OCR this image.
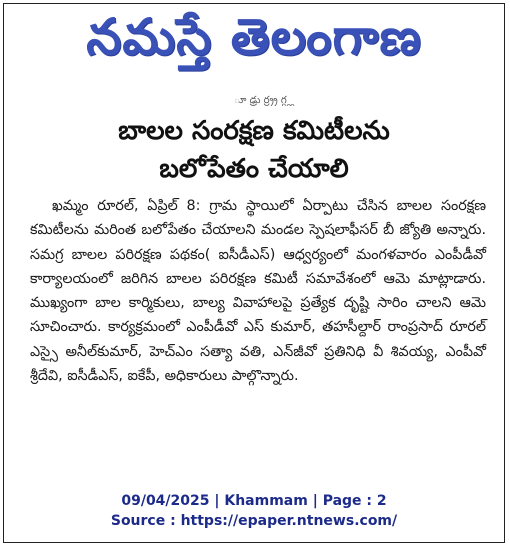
నమస్తే తెలంగాణ
ూ ఢ్రు ర్ర్ర్ర గ్గ్గ్గ
బాలల సంరక్షణ కమిటీలను
బలోపేతం చేయాలి

ఖమ్మం రూరల్, ఏప్రిల్ 8: గ్రామ స్థాయిలో ఏర్పాటు చేసిన బాలల సంరక్షణ కమిటీలను మరింత బలోపేతం చేయాలని మండల స్పెషలాఫీసర్ బీ జ్యోతి అన్నారు. సమగ్ర బాలల పరిరక్షణ పథకం( ఐసీడీఎస్) ఆధ్వర్యంలో మంగళవారం ఎంపీడీవో కార్యాలయంలో జరిగిన బాలల పరిరక్షణ కమిటీ సమావేశంలో ఆమె మాట్లాడారు. ముఖ్యంగా బాల కార్మికులు, బాల్య వివాహాలపై ప్రత్యేక దృష్టి సారిం చాలని ఆమె సూచించారు. కార్యక్రమంలో ఎంపీడీవో ఎస్ కుమార్, తహసీల్దార్ రాంప్రసాద్ రూరల్ ఎస్సై అనీల్‌కుమార్, హెచ్‌ఎం సత్యా వతి, ఎన్‌జీవో ప్రతినిధి వీ శివయ్య, ఎంపీవో శ్రీదేవి, ఐసీడీఎస్, ఐకేపీ, అధికారులు పాల్గొన్నారు.

09/04/2025 | Khammam | Page : 2
Source : https://epaper.ntnews.com/
